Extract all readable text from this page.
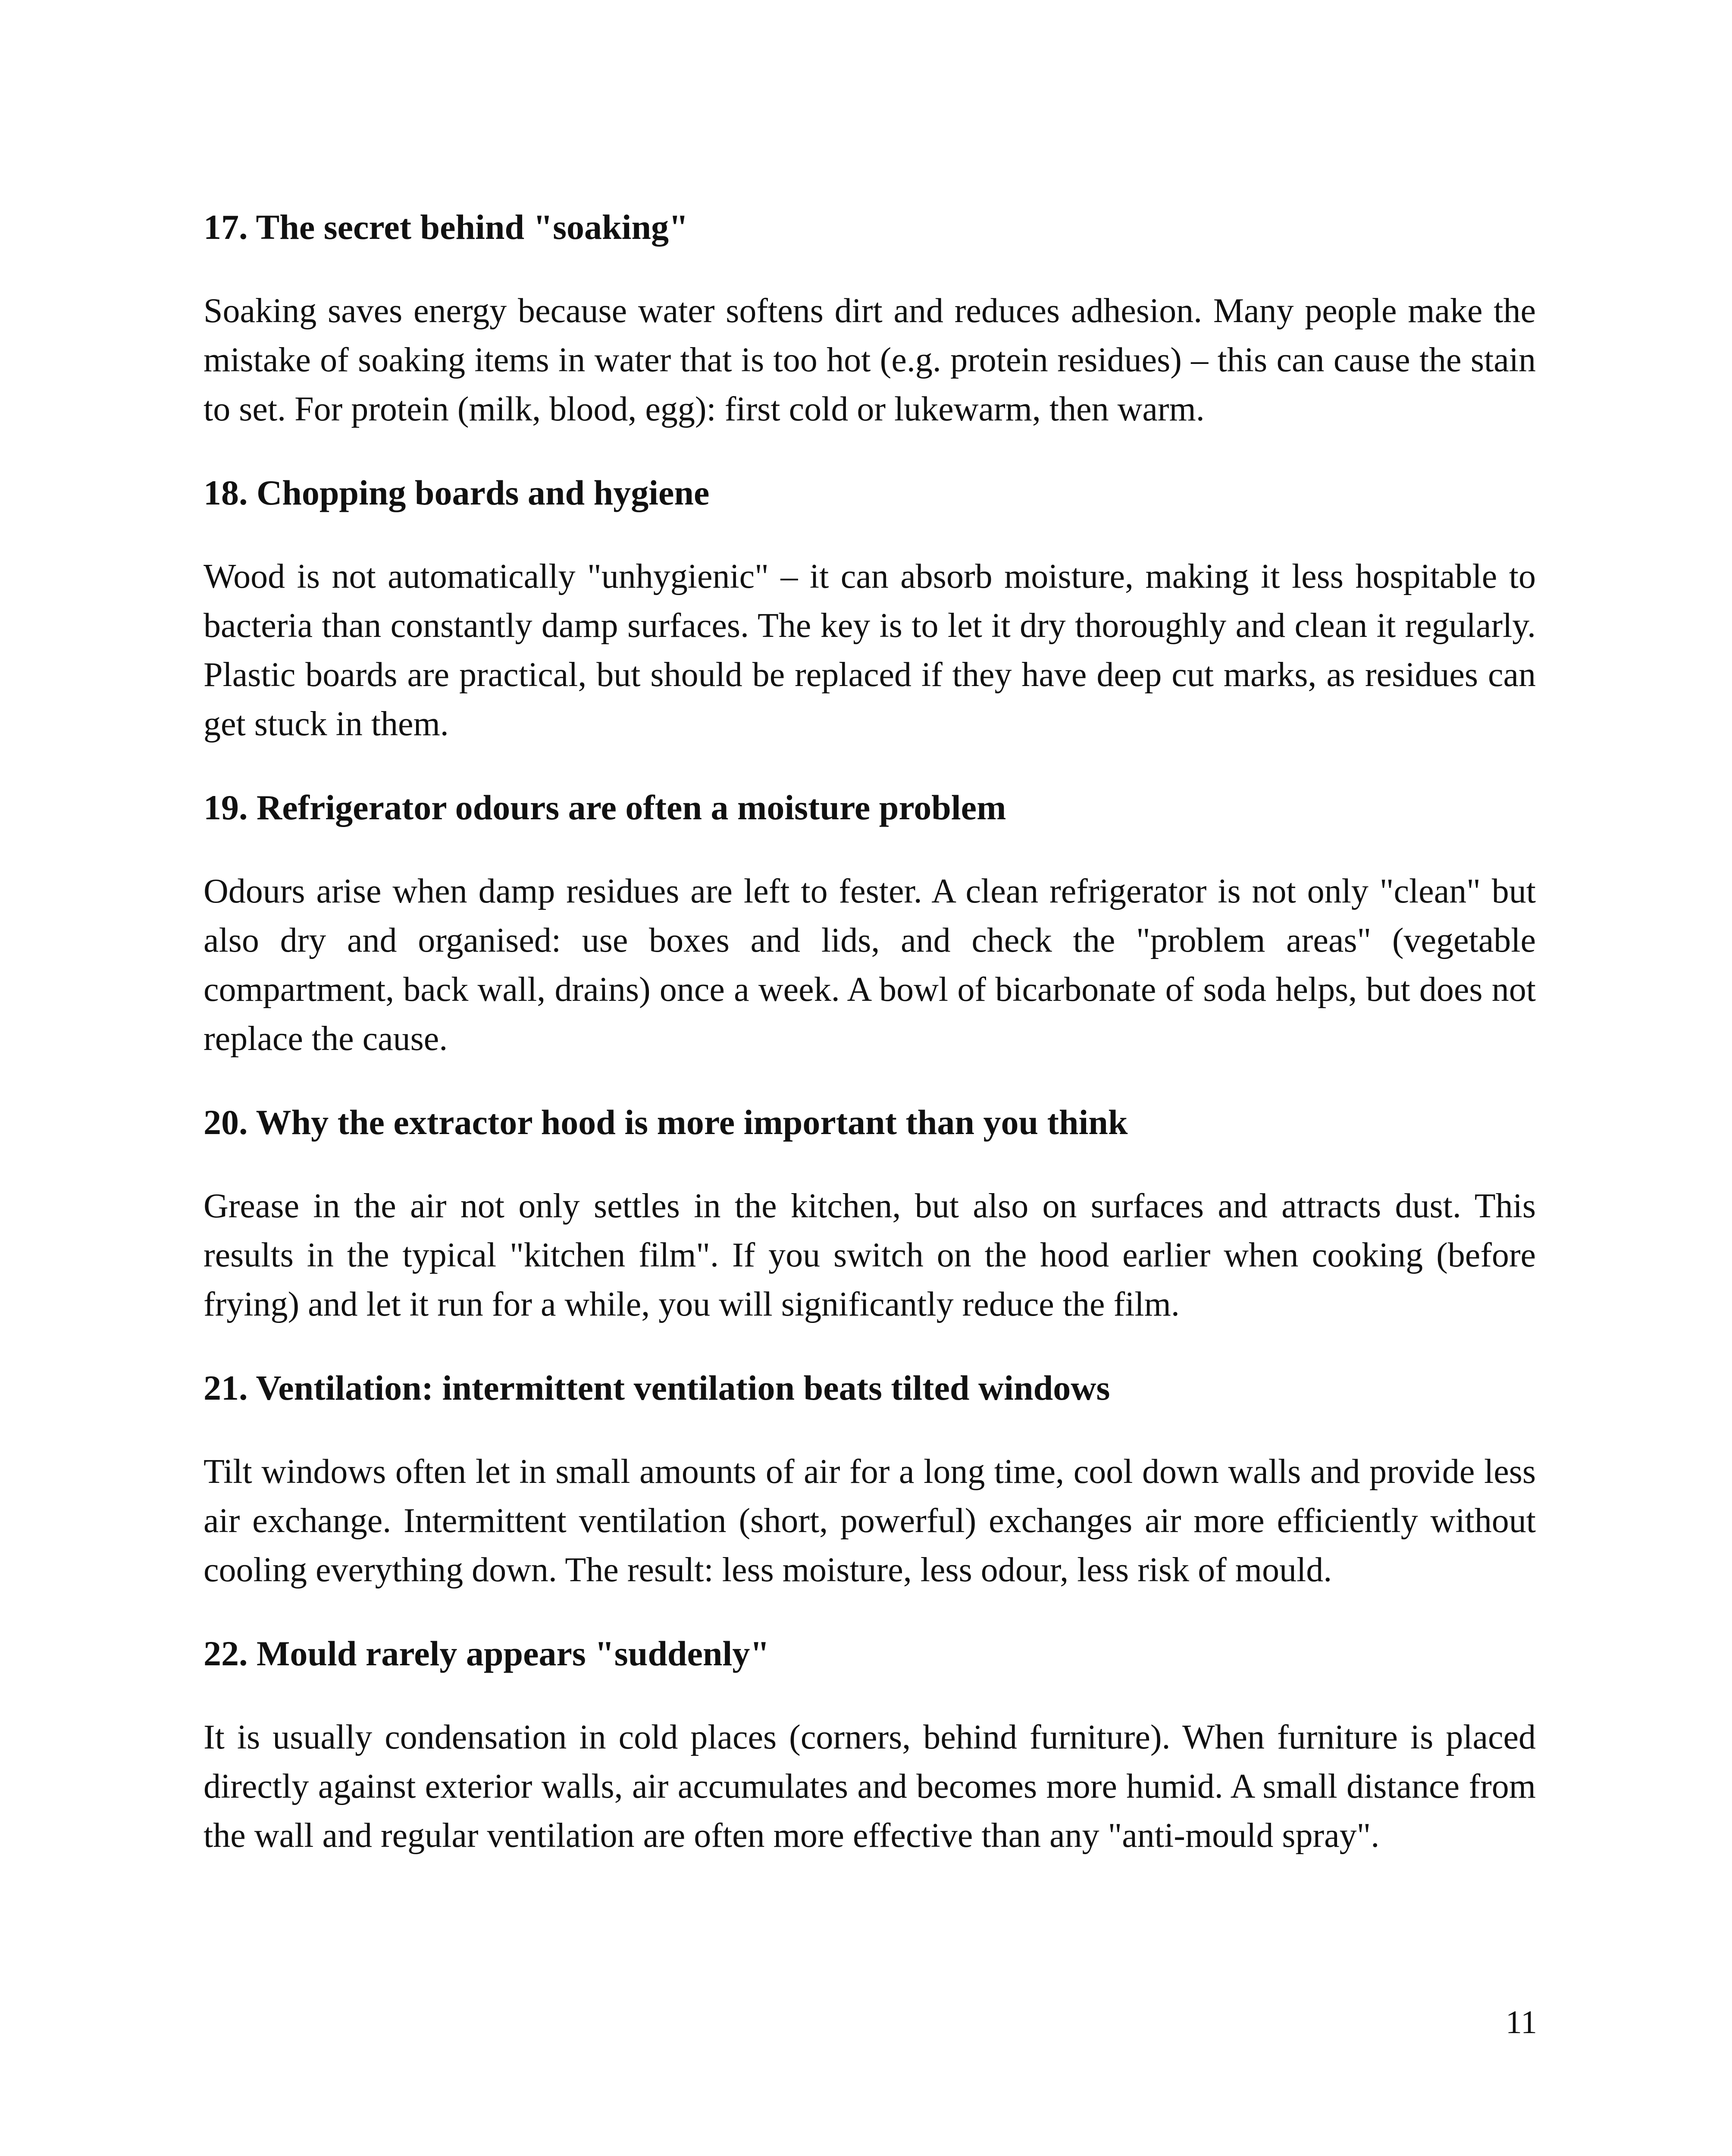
17. The secret behind "soaking"
Soaking saves energy because water softens dirt and reduces adhesion. Many people make the mistake of soaking items in water that is too hot (e.g. protein residues) – this can cause the stain to set. For protein (milk, blood, egg): first cold or lukewarm, then warm.
18. Chopping boards and hygiene
Wood is not automatically "unhygienic" – it can absorb moisture, making it less hospitable to bacteria than constantly damp surfaces. The key is to let it dry thoroughly and clean it regularly. Plastic boards are practical, but should be replaced if they have deep cut marks, as residues can get stuck in them.
19. Refrigerator odours are often a moisture problem
Odours arise when damp residues are left to fester. A clean refrigerator is not only "clean" but also dry and organised: use boxes and lids, and check the "problem areas" (vegetable compartment, back wall, drains) once a week. A bowl of bicarbonate of soda helps, but does not replace the cause.
20. Why the extractor hood is more important than you think
Grease in the air not only settles in the kitchen, but also on surfaces and attracts dust. This results in the typical "kitchen film". If you switch on the hood earlier when cooking (before frying) and let it run for a while, you will significantly reduce the film.
21. Ventilation: intermittent ventilation beats tilted windows
Tilt windows often let in small amounts of air for a long time, cool down walls and provide less air exchange. Intermittent ventilation (short, powerful) exchanges air more efficiently without cooling everything down. The result: less moisture, less odour, less risk of mould.
22. Mould rarely appears "suddenly"
It is usually condensation in cold places (corners, behind furniture). When furniture is placed directly against exterior walls, air accumulates and becomes more humid. A small distance from the wall and regular ventilation are often more effective than any "anti-mould spray".
11
